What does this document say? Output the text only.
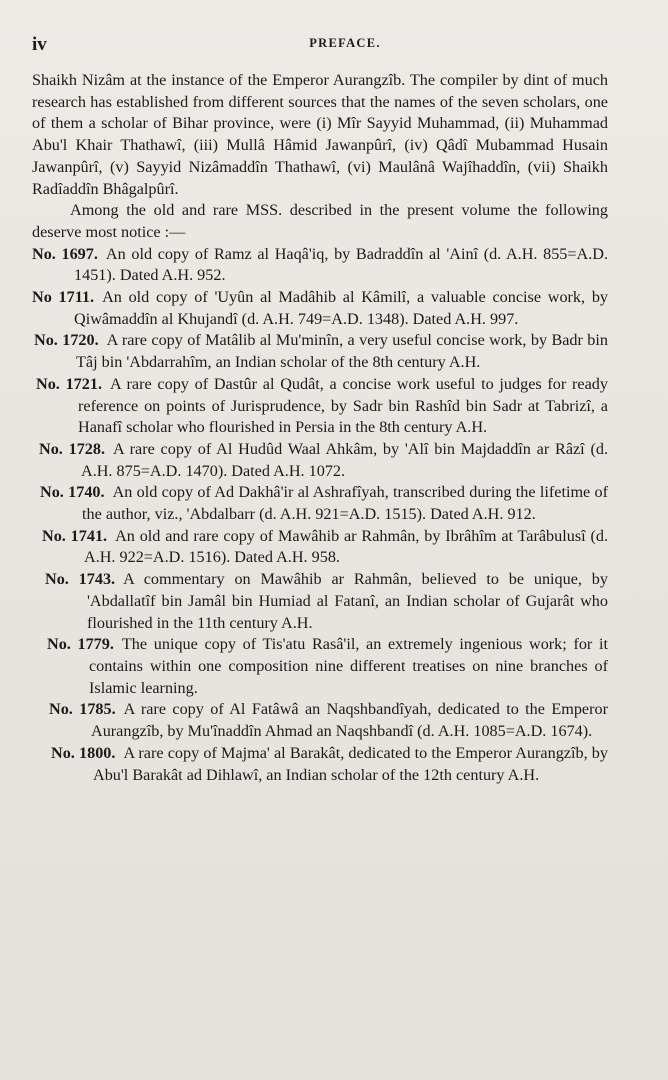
iv	PREFACE.

Shaikh Nizâm at the instance of the Emperor Aurangzîb. The compiler by dint of much research has established from different sources that the names of the seven scholars, one of them a scholar of Bihar province, were (i) Mîr Sayyid Muhammad, (ii) Muhammad Abu'l Khair Thathawî, (iii) Mullâ Hâmid Jawanpûrî, (iv) Qâdî Mubammad Husain Jawanpûrî, (v) Sayyid Nizâmaddîn Thathawî, (vi) Maulânâ Wajîhaddîn, (vii) Shaikh Radîaddîn Bhâgalpûrî.

Among the old and rare MSS. described in the present volume the following deserve most notice :—

No. 1697. An old copy of Ramz al Haqâ'iq, by Badraddîn al 'Ainî (d. A.H. 855=A.D. 1451). Dated A.H. 952.
No 1711. An old copy of 'Uyûn al Madâhib al Kâmilî, a valuable concise work, by Qiwâmaddîn al Khujandî (d. A.H. 749=A.D. 1348). Dated A.H. 997.
No. 1720. A rare copy of Matâlib al Mu'minîn, a very useful concise work, by Badr bin Tâj bin 'Abdarrahîm, an Indian scholar of the 8th century A.H.
No. 1721. A rare copy of Dastûr al Qudât, a concise work useful to judges for ready reference on points of Jurisprudence, by Sadr bin Rashîd bin Sadr at Tabrizî, a Hanafî scholar who flourished in Persia in the 8th century A.H.
No. 1728. A rare copy of Al Hudûd Waal Ahkâm, by 'Alî bin Majdaddîn ar Râzî (d. A.H. 875=A.D. 1470). Dated A.H. 1072.
No. 1740. An old copy of Ad Dakhâ'ir al Ashrafîyah, transcribed during the lifetime of the author, viz., 'Abdalbarr (d. A.H. 921=A.D. 1515). Dated A.H. 912.
No. 1741. An old and rare copy of Mawâhib ar Rahmân, by Ibrâhîm at Tarâbulusî (d. A.H. 922=A.D. 1516). Dated A.H. 958.
No. 1743. A commentary on Mawâhib ar Rahmân, believed to be unique, by 'Abdallatîf bin Jamâl bin Humiad al Fatanî, an Indian scholar of Gujarât who flourished in the 11th century A.H.
No. 1779. The unique copy of Tis'atu Rasâ'il, an extremely ingenious work; for it contains within one composition nine different treatises on nine branches of Islamic learning.
No. 1785. A rare copy of Al Fatâwâ an Naqshbandîyah, dedicated to the Emperor Aurangzîb, by Mu'înaddîn Ahmad an Naqshbandî (d. A.H. 1085=A.D. 1674).
No. 1800. A rare copy of Majma' al Barakât, dedicated to the Emperor Aurangzîb, by Abu'l Barakât ad Dihlawî, an Indian scholar of the 12th century A.H.
